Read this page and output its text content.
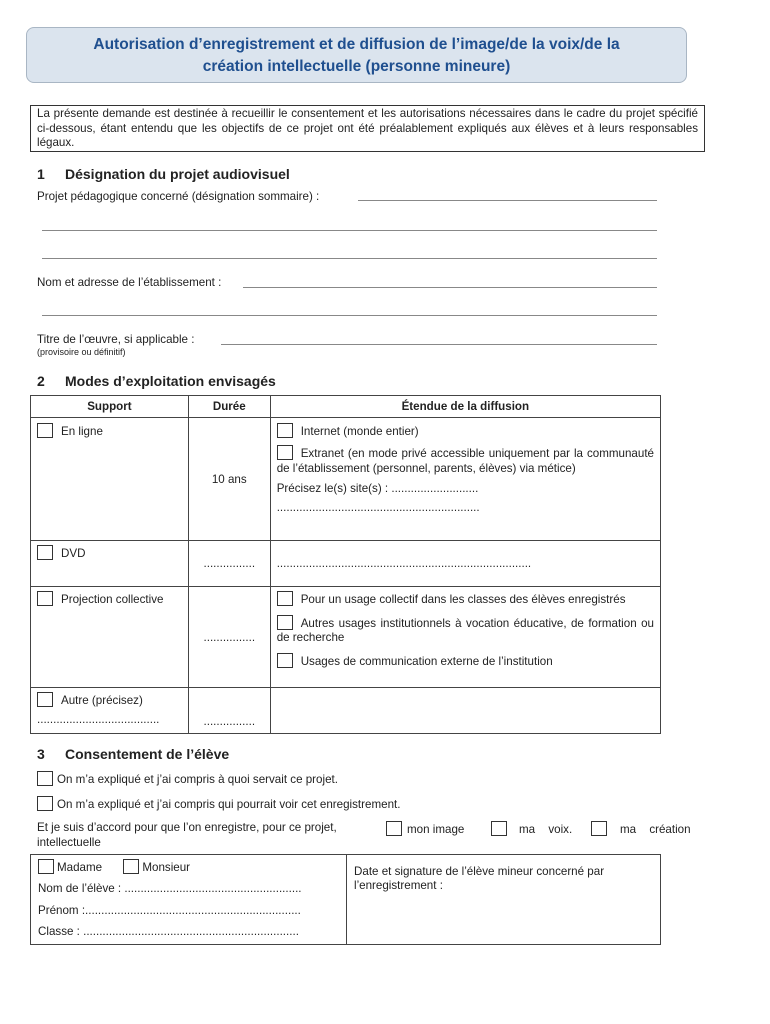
Autorisation d’enregistrement et de diffusion de l’image/de la voix/de la
création intellectuelle (personne mineure)
La présente demande est destinée à recueillir le consentement et les autorisations nécessaires dans le cadre du projet spécifié ci-dessous, étant entendu que les objectifs de ce projet ont été préalablement expliqués aux élèves et à leurs responsables légaux.
1 Désignation du projet audiovisuel
Projet pédagogique concerné (désignation sommaire) :
Nom et adresse de l’établissement :
Titre de l’œuvre, si applicable :
(provisoire ou définitif)
2 Modes d’exploitation envisagés
Support	Durée	Étendue de la diffusion
En ligne	10 ans	Internet (monde entier)
Extranet (en mode privé accessible uniquement par la communauté de l’établissement (personnel, parents, élèves) via métice)
Précisez le(s) site(s) : ...........................
...............................................................

DVD	................	...............................................................................
Projection collective	................	Pour un usage collectif dans les classes des élèves enregistrés
Autres usages institutionnels à vocation éducative, de formation ou de recherche
Usages de communication externe de l’institution

Autre (précisez)
......................................	................	
3 Consentement de l’élève
On m’a expliqué et j’ai compris à quoi servait ce projet.
On m’a expliqué et j’ai compris qui pourrait voir cet enregistrement.
Et je suis d’accord pour que l’on enregistre, pour ce projet,	mon image	ma voix.	ma création
intellectuelle
Madame	Monsieur
Nom de l’élève : .......................................................
Prénom :...................................................................
Classe : ...................................................................
Date et signature de l’élève mineur concerné par l’enregistrement :
